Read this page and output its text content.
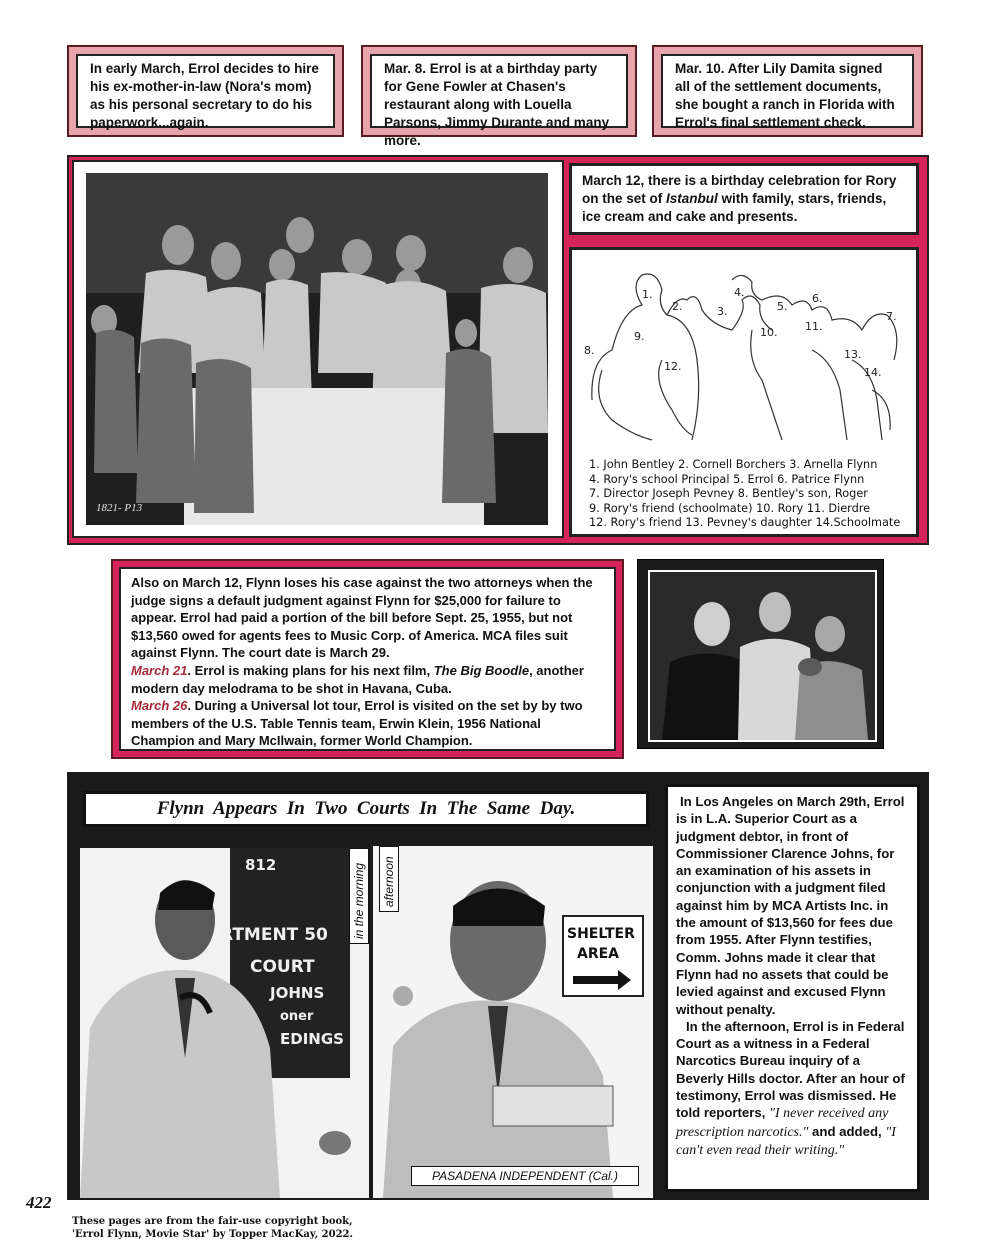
In early March, Errol decides to hire his ex-mother-in-law (Nora's mom) as his personal secretary to do his paperwork...again.
Mar. 8. Errol is at a birthday party for Gene Fowler at Chasen's restaurant along with Louella Parsons, Jimmy Durante and many more.
Mar. 10. After Lily Damita signed all of the settlement documents, she bought a ranch in Florida with Errol's final settlement check.
1821- P13
March 12, there is a birthday celebration for Rory on the set of Istanbul with family, stars, friends, ice cream and cake and presents.
1.
2.	3.
4.
5.
6.
7.
8.
9.	10.	11.
12.
13.
14.
1. John Bentley 2. Cornell Borchers 3. Arnella Flynn
4. Rory's school Principal 5. Errol 6. Patrice Flynn
7. Director Joseph Pevney 8. Bentley's son, Roger
9. Rory's friend (schoolmate) 10. Rory 11. Dierdre
12. Rory's friend 13. Pevney's daughter 14.Schoolmate
Also on March 12, Flynn loses his case against the two attorneys when the judge signs a default judgment against Flynn for $25,000 for failure to appear. Errol had paid a portion of the bill before Sept. 25, 1955, but not $13,560 owed for agents fees to Music Corp. of America. MCA files suit against Flynn. The court date is March 29.
March 21. Errol is making plans for his next film, The Big Boodle, another modern day melodrama to be shot in Havana, Cuba.
March 26. During a Universal lot tour, Errol is visited on the set by by two members of the U.S. Table Tennis team, Erwin Klein, 1956 National Champion and Mary McIlwain, former World Champion.
Flynn  Appears  In  Two  Courts  In  The  Same  Day.
812
RTMENT 50
COURT
JOHNS
oner
EDINGS
in the morning	SHELTER
AREA
afternoon
PASADENA INDEPENDENT (Cal.)
In Los Angeles on March 29th, Errol is in L.A. Superior Court as a judgment debtor, in front of Commissioner Clarence Johns, for an examination of his assets in conjunction with a judgment filed against him by MCA Artists Inc. in the amount of $13,560 for fees due from 1955. After Flynn testifies, Comm. Johns made it clear that Flynn had no assets that could be levied against and excused Flynn without penalty.
In the afternoon, Errol is in Federal Court as a witness in a Federal Narcotics Bureau inquiry of a Beverly Hills doctor. After an hour of testimony, Errol was dismissed. He told reporters, "I never received any prescription narcotics." and added, "I can't even read their writing."
422
These pages are from the fair-use copyright book,
'Errol Flynn, Movie Star' by Topper MacKay, 2022.
